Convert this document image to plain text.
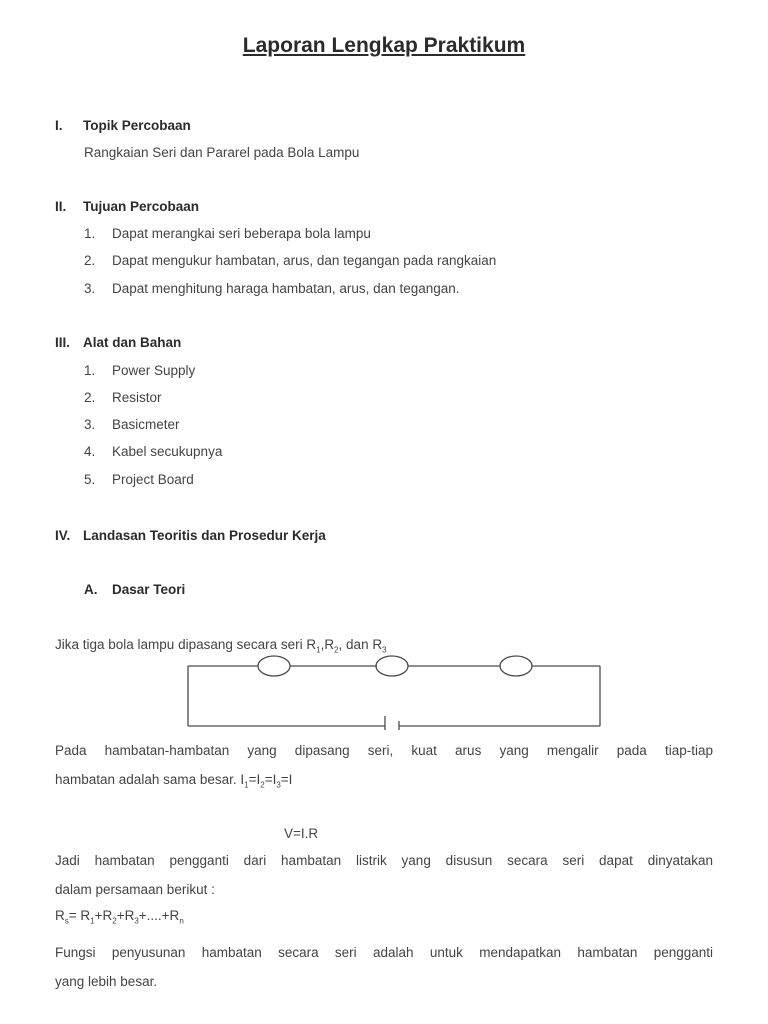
Laporan Lengkap Praktikum
I. Topik Percobaan
Rangkaian Seri dan Pararel pada Bola Lampu
II. Tujuan Percobaan
1. Dapat merangkai seri beberapa bola lampu
2. Dapat mengukur hambatan, arus, dan tegangan pada rangkaian
3. Dapat menghitung haraga hambatan, arus, dan tegangan.
III. Alat dan Bahan
1. Power Supply
2. Resistor
3. Basicmeter
4. Kabel secukupnya
5. Project Board
IV. Landasan Teoritis dan Prosedur Kerja
A. Dasar Teori
Jika tiga bola lampu dipasang secara seri $R_1,R_2$, dan $R_3$
Pada hambatan-hambatan yang dipasang seri, kuat arus yang mengalir pada tiap-tiap
hambatan adalah sama besar. $I_1=I_2=I_3=I$
V=I.R
Jadi hambatan pengganti dari hambatan listrik yang disusun secara seri dapat dinyatakan
dalam persamaan berikut :
$R_s= R_1+R_2+R_3+....+R_n$
Fungsi penyusunan hambatan secara seri adalah untuk mendapatkan hambatan pengganti
yang lebih besar.
